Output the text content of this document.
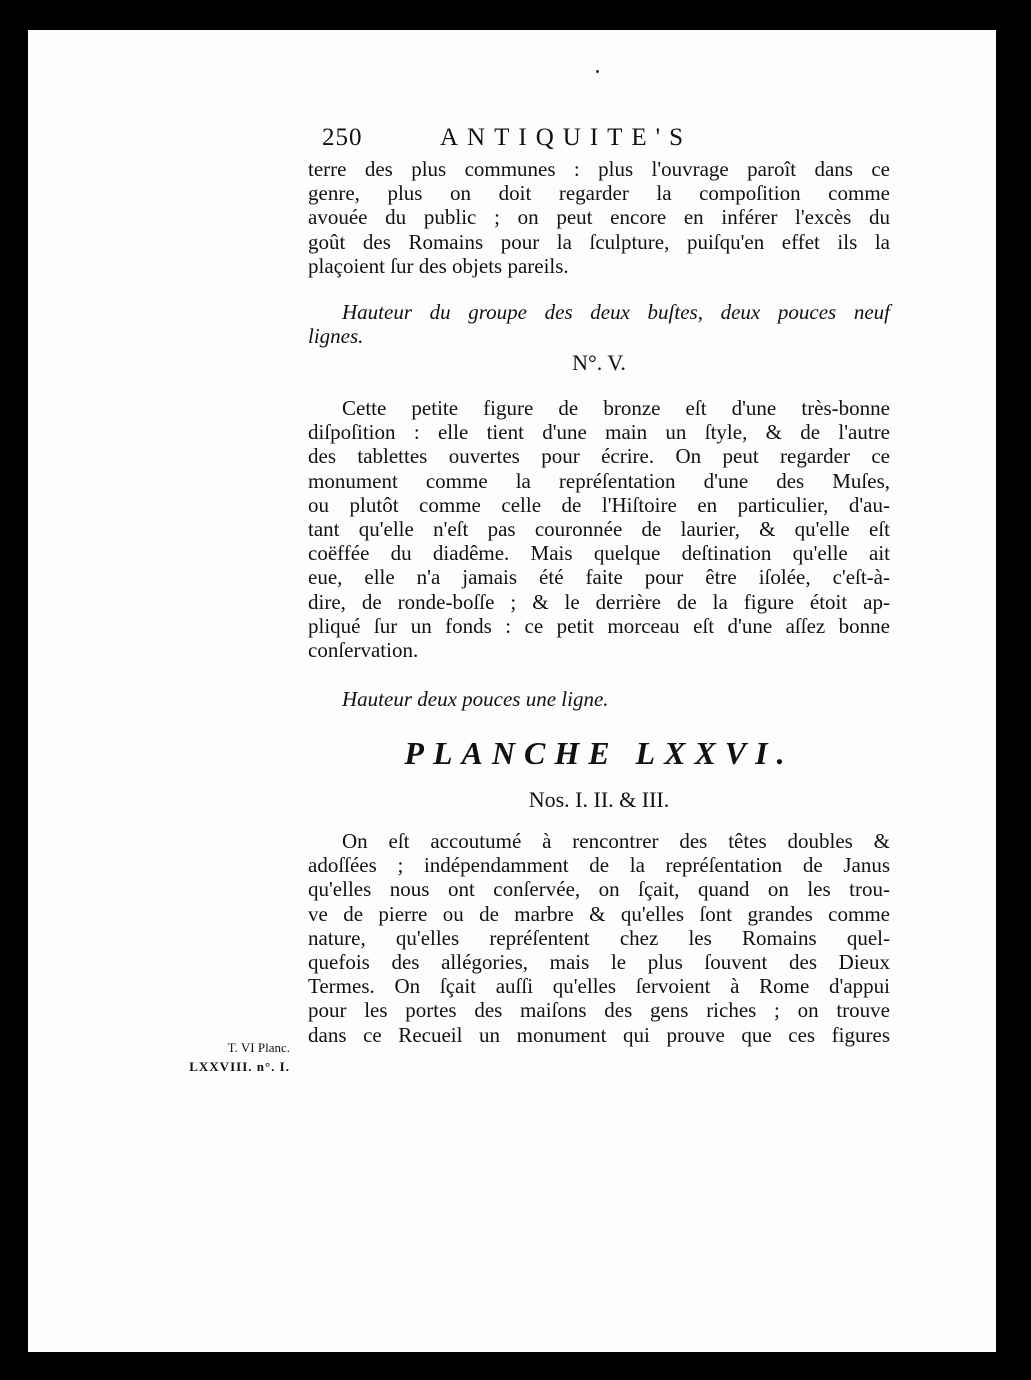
250	ANTIQUITE'S
terre des plus communes : plus l'ouvrage paroît dans ce
genre, plus on doit regarder la compoſition comme
avouée du public ; on peut encore en inférer l'excès du
goût des Romains pour la ſculpture, puiſqu'en effet ils la
plaçoient ſur des objets pareils.
Hauteur du groupe des deux buſtes, deux pouces neuf
lignes.
N°. V.
Cette petite figure de bronze eſt d'une très-bonne
diſpoſition : elle tient d'une main un ſtyle, & de l'autre
des tablettes ouvertes pour écrire. On peut regarder ce
monument comme la repréſentation d'une des Muſes,
ou plutôt comme celle de l'Hiſtoire en particulier, d'au-
tant qu'elle n'eſt pas couronnée de laurier, & qu'elle eſt
coëffée du diadême. Mais quelque deſtination qu'elle ait
eue, elle n'a jamais été faite pour être iſolée, c'eſt-à-
dire, de ronde-boſſe ; & le derrière de la figure étoit ap-
pliqué ſur un fonds : ce petit morceau eſt d'une aſſez bonne
conſervation.
Hauteur deux pouces une ligne.
PLANCHE LXXVI.
Nos. I. II. & III.
On eſt accoutumé à rencontrer des têtes doubles &
adoſſées ; indépendamment de la repréſentation de Janus
qu'elles nous ont conſervée, on ſçait, quand on les trou-
ve de pierre ou de marbre & qu'elles ſont grandes comme
nature, qu'elles repréſentent chez les Romains quel-
quefois des allégories, mais le plus ſouvent des Dieux
Termes. On ſçait auſſi qu'elles ſervoient à Rome d'appui
pour les portes des maiſons des gens riches ; on trouve
dans ce Recueil un monument qui prouve que ces figures
T. VI Planc.
LXXVIII. n°. I.
